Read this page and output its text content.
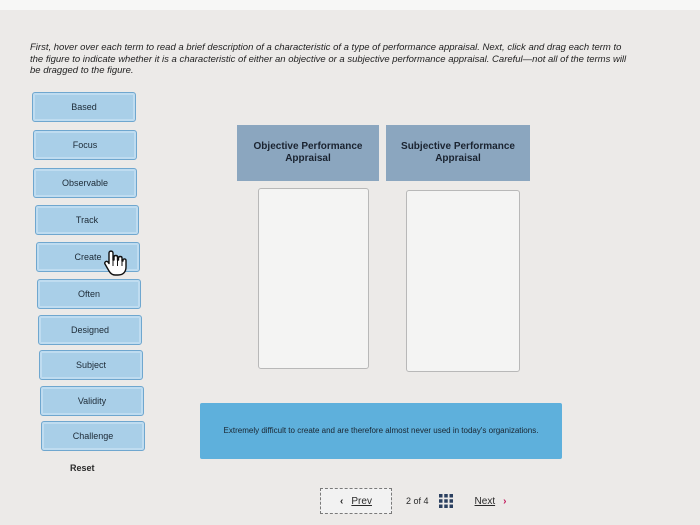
First, hover over each term to read a brief description of a characteristic of a type of performance appraisal. Next, click and drag each term to the figure to indicate whether it is a characteristic of either an objective or a subjective performance appraisal. Careful—not all of the terms will be dragged to the figure.
Based
Focus
Observable
Track
Create
Often
Designed
Subject
Validity
Challenge
Reset
Objective Performance Appraisal
Subjective Performance Appraisal
Extremely difficult to create and are therefore almost never used in today's organizations.
‹ Prev	2 of 4	Next ›
